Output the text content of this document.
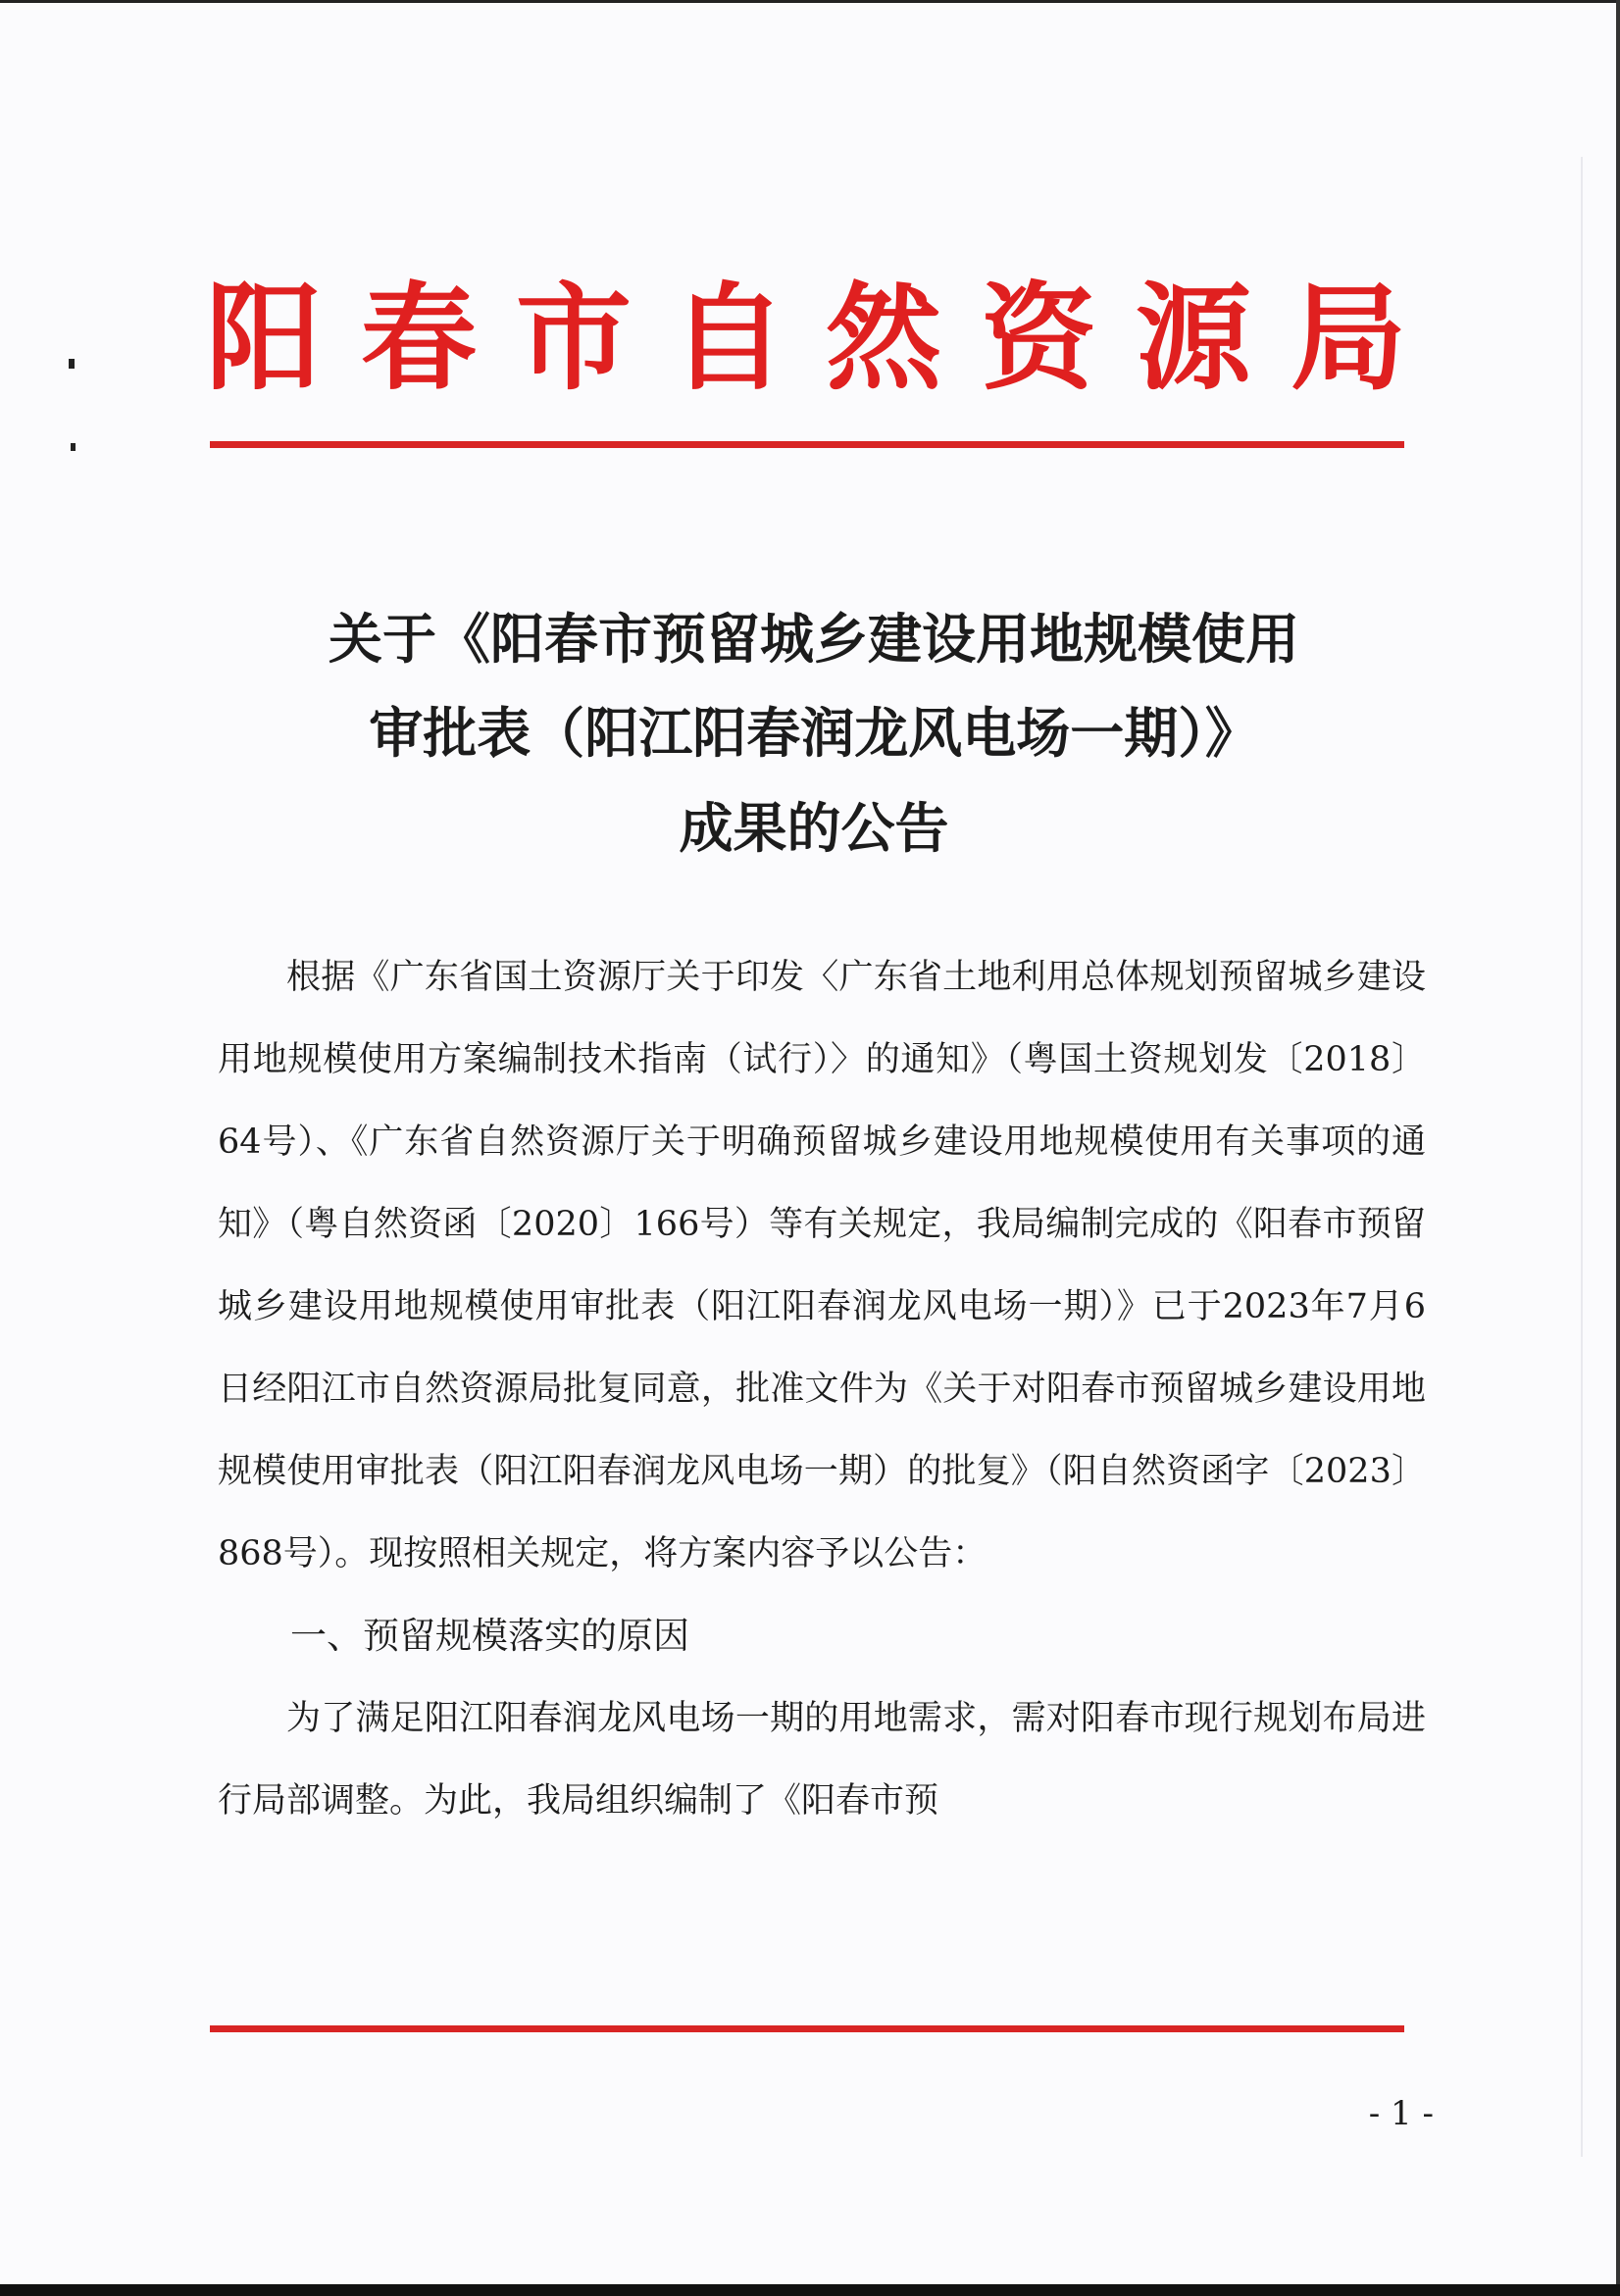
阳春市自然资源局
关于《阳春市预留城乡建设用地规模使用
审批表（阳江阳春润龙风电场一期）》
成果的公告

根据《广东省国土资源厅关于印发〈广东省土地利用总体规划预留城乡建设用地规模使用方案编制技术指南（试行）〉的通知》（粤国土资规划发〔2018〕64号）、《广东省自然资源厅关于明确预留城乡建设用地规模使用有关事项的通知》（粤自然资函〔2020〕166号）等有关规定，我局编制完成的《阳春市预留城乡建设用地规模使用审批表（阳江阳春润龙风电场一期）》已于2023年7月6日经阳江市自然资源局批复同意，批准文件为《关于对阳春市预留城乡建设用地规模使用审批表（阳江阳春润龙风电场一期）的批复》（阳自然资函字〔2023〕868号）。现按照相关规定，将方案内容予以公告：

一、预留规模落实的原因

为了满足阳江阳春润龙风电场一期的用地需求，需对阳春市现行规划布局进行局部调整。为此，我局组织编制了《阳春市预

- 1 -
